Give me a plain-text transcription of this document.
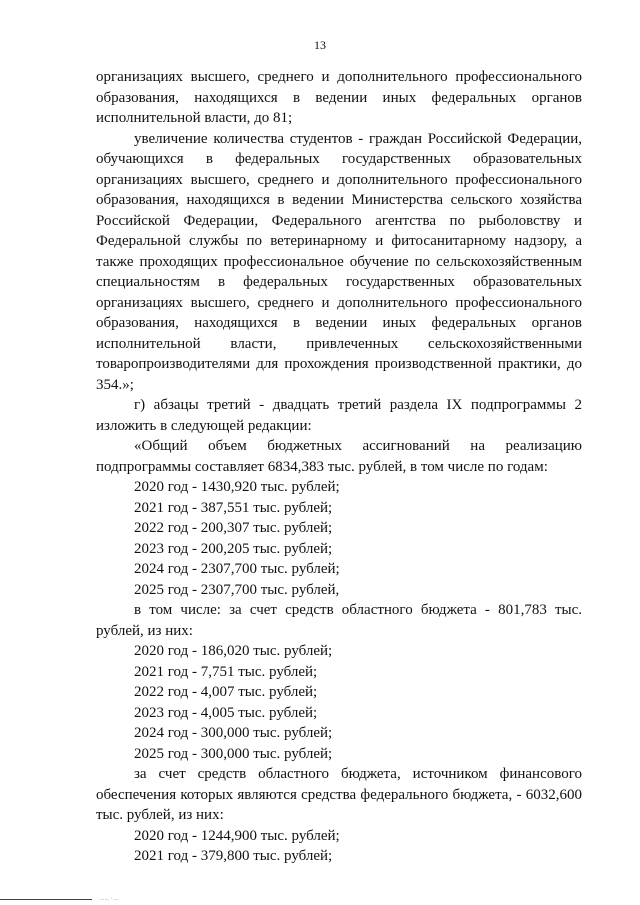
13

организациях высшего, среднего и дополнительного профессионального образования, находящихся в ведении иных федеральных органов исполнительной власти, до 81;

увеличение количества студентов - граждан Российской Федерации, обучающихся в федеральных государственных образовательных организациях высшего, среднего и дополнительного профессионального образования, находящихся в ведении Министерства сельского хозяйства Российской Федерации, Федерального агентства по рыболовству и Федеральной службы по ветеринарному и фитосанитарному надзору, а также проходящих профессиональное обучение по сельскохозяйственным специальностям в федеральных государственных образовательных организациях высшего, среднего и дополнительного профессионального образования, находящихся в ведении иных федеральных органов исполнительной власти, привлеченных сельскохозяйственными товаропроизводителями для прохождения производственной практики, до 354.»;

г) абзацы третий - двадцать третий раздела IX подпрограммы 2 изложить в следующей редакции:

«Общий объем бюджетных ассигнований на реализацию подпрограммы составляет 6834,383 тыс. рублей, в том числе по годам:

2020 год - 1430,920 тыс. рублей;

2021 год - 387,551 тыс. рублей;

2022 год - 200,307 тыс. рублей;

2023 год - 200,205 тыс. рублей;

2024 год - 2307,700 тыс. рублей;

2025 год - 2307,700 тыс. рублей,

в том числе: за счет средств областного бюджета - 801,783 тыс. рублей, из них:

2020 год - 186,020 тыс. рублей;

2021 год - 7,751 тыс. рублей;

2022 год - 4,007 тыс. рублей;

2023 год - 4,005 тыс. рублей;

2024 год - 300,000 тыс. рублей;

2025 год - 300,000 тыс. рублей;

за счет средств областного бюджета, источником финансового обеспечения которых являются средства федерального бюджета, - 6032,600 тыс. рублей, из них:

2020 год - 1244,900 тыс. рублей;

2021 год - 379,800 тыс. рублей;

...... · ...
